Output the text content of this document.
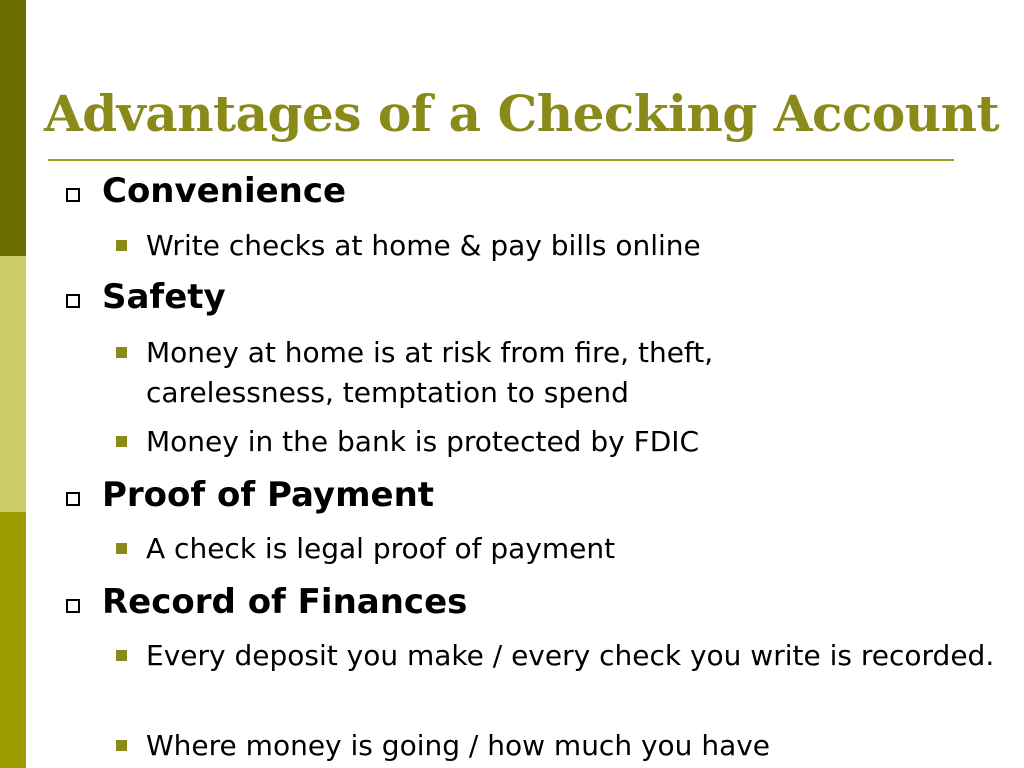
Advantages of a Checking Account
Convenience
Write checks at home & pay bills online
Safety
Money at home is at risk from fire, theft, carelessness, temptation to spend
Money in the bank is protected by FDIC
Proof of Payment
A check is legal proof of payment
Record of Finances
Every deposit you make / every check you write is recorded.
Where money is going / how much you have
